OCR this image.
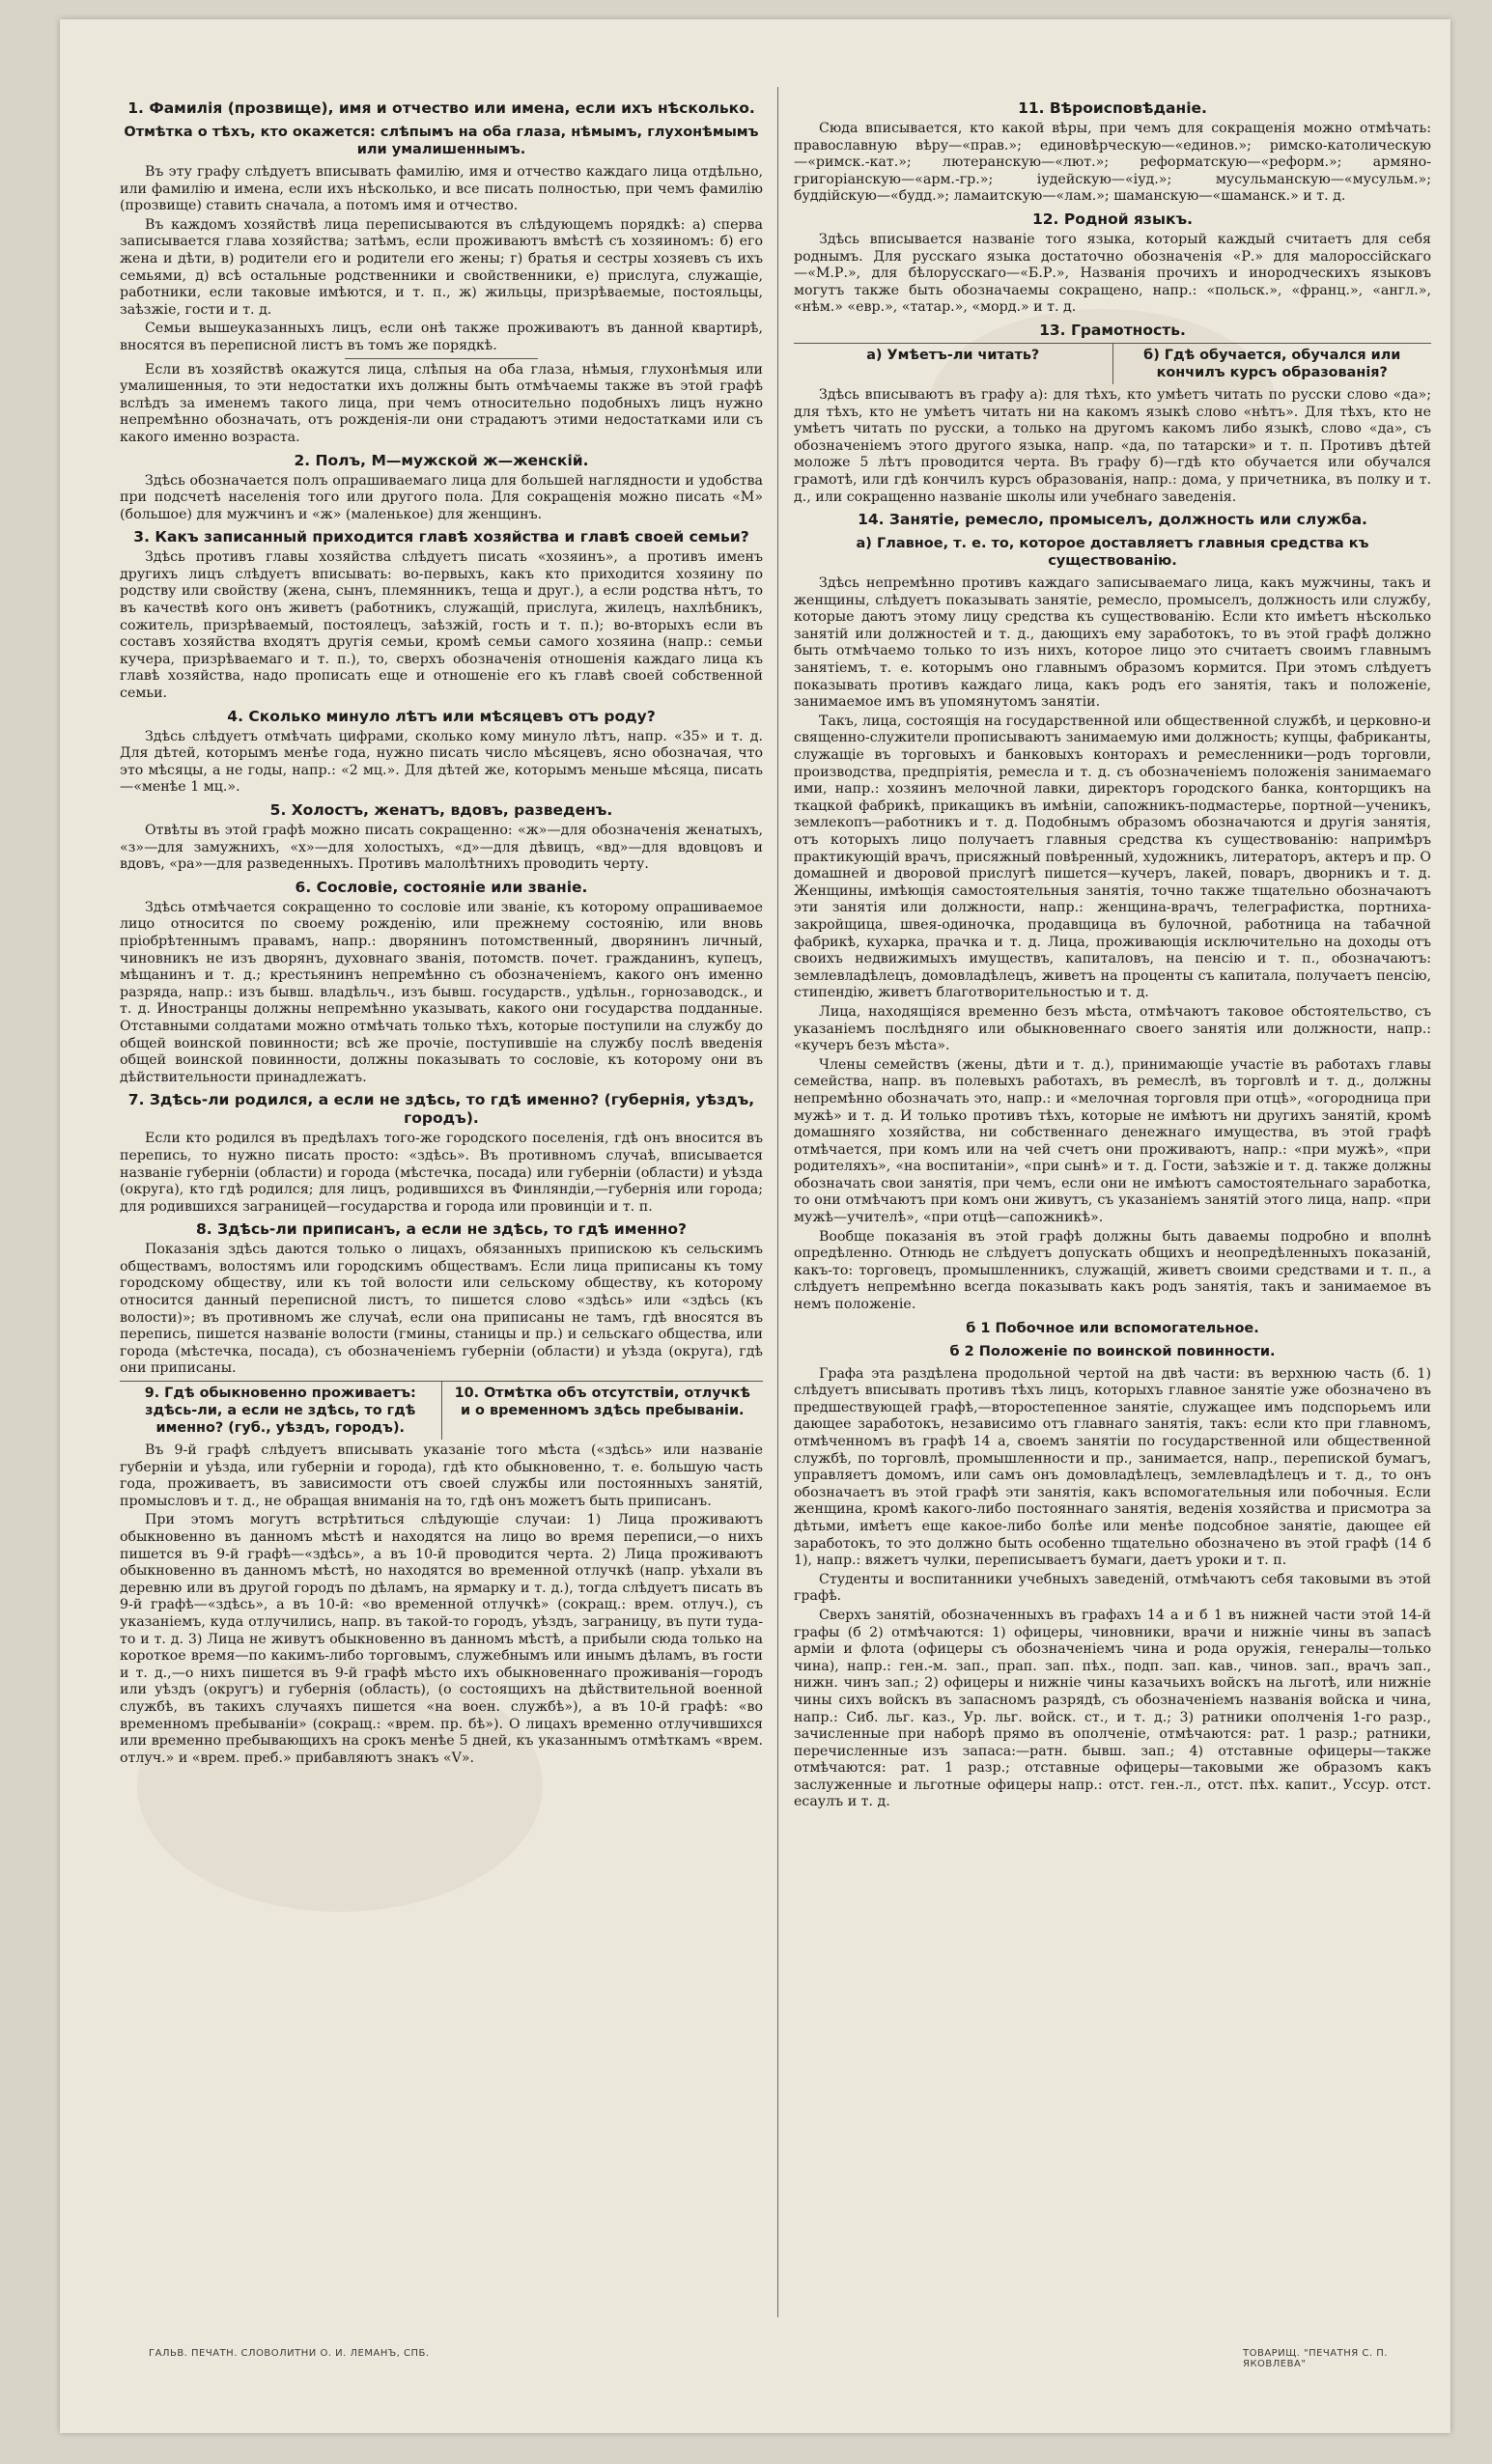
1. Фамилія (прозвище), имя и отчество или имена, если ихъ нѣсколько.
Отмѣтка о тѣхъ, кто окажется: слѣпымъ на оба глаза, нѣмымъ, глухонѣмымъ или умалишеннымъ.

Въ эту графу слѣдуетъ вписывать фамилію, имя и отчество каждаго лица отдѣльно, или фамилію и имена, если ихъ нѣсколько, и все писать полностью, при чемъ фамилію (прозвище) ставить сначала, а потомъ имя и отчество.

Въ каждомъ хозяйствѣ лица переписываются въ слѣдующемъ порядкѣ: а) сперва записывается глава хозяйства; затѣмъ, если проживаютъ вмѣстѣ съ хозяиномъ: б) его жена и дѣти, в) родители его и родители его жены; г) братья и сестры хозяевъ съ ихъ семьями, д) всѣ остальные родственники и свойственники, е) прислуга, служащіе, работники, если таковые имѣются, и т. п., ж) жильцы, призрѣваемые, постояльцы, заѣзжіе, гости и т. д.

Семьи вышеуказанныхъ лицъ, если онѣ также проживаютъ въ данной квартирѣ, вносятся въ переписной листъ въ томъ же порядкѣ.

Если въ хозяйствѣ окажутся лица, слѣпыя на оба глаза, нѣмыя, глухонѣмыя или умалишенныя, то эти недостатки ихъ должны быть отмѣчаемы также въ этой графѣ вслѣдъ за именемъ такого лица, при чемъ относительно подобныхъ лицъ нужно непремѣнно обозначать, отъ рожденія-ли они страдаютъ этими недостатками или съ какого именно возраста.

2. Полъ, М—мужской ж—женскій.

Здѣсь обозначается полъ опрашиваемаго лица для большей наглядности и удобства при подсчетѣ населенія того или другого пола. Для сокращенія можно писать «М» (большое) для мужчинъ и «ж» (маленькое) для женщинъ.

3. Какъ записанный приходится главѣ хозяйства и главѣ своей семьи?

Здѣсь противъ главы хозяйства слѣдуетъ писать «хозяинъ», а противъ именъ другихъ лицъ слѣдуетъ вписывать: во-первыхъ, какъ кто приходится хозяину по родству или свойству (жена, сынъ, племянникъ, теща и друг.), а если родства нѣтъ, то въ качествѣ кого онъ живетъ (работникъ, служащій, прислуга, жилецъ, нахлѣбникъ, сожитель, призрѣваемый, постоялецъ, заѣзжій, гость и т. п.); во-вторыхъ если въ составъ хозяйства входятъ другія семьи, кромѣ семьи самого хозяина (напр.: семьи кучера, призрѣваемаго и т. п.), то, сверхъ обозначенія отношенія каждаго лица къ главѣ хозяйства, надо прописать еще и отношеніе его къ главѣ своей собственной семьи.

4. Сколько минуло лѣтъ или мѣсяцевъ отъ роду?

Здѣсь слѣдуетъ отмѣчать цифрами, сколько кому минуло лѣтъ, напр. «35» и т. д. Для дѣтей, которымъ менѣе года, нужно писать число мѣсяцевъ, ясно обозначая, что это мѣсяцы, а не годы, напр.: «2 мц.». Для дѣтей же, которымъ меньше мѣсяца, писать—«менѣе 1 мц.».

5. Холостъ, женатъ, вдовъ, разведенъ.

Отвѣты въ этой графѣ можно писать сокращенно: «ж»—для обозначенія женатыхъ, «з»—для замужнихъ, «х»—для холостыхъ, «д»—для дѣвицъ, «вд»—для вдовцовъ и вдовъ, «ра»—для разведенныхъ. Противъ малолѣтнихъ проводить черту.

6. Сословіе, состояніе или званіе.

Здѣсь отмѣчается сокращенно то сословіе или званіе, къ которому опрашиваемое лицо относится по своему рожденію, или прежнему состоянію, или вновь пріобрѣтеннымъ правамъ, напр.: дворянинъ потомственный, дворянинъ личный, чиновникъ не изъ дворянъ, духовнаго званія, потомств. почет. гражданинъ, купецъ, мѣщанинъ и т. д.; крестьянинъ непремѣнно съ обозначеніемъ, какого онъ именно разряда, напр.: изъ бывш. владѣльч., изъ бывш. государств., удѣльн., горнозаводск., и т. д. Иностранцы должны непремѣнно указывать, какого они государства подданные. Отставными солдатами можно отмѣчать только тѣхъ, которые поступили на службу до общей воинской повинности; всѣ же прочіе, поступившіе на службу послѣ введенія общей воинской повинности, должны показывать то сословіе, къ которому они въ дѣйствительности принадлежатъ.

7. Здѣсь-ли родился, а если не здѣсь, то гдѣ именно? (губернія, уѣздъ, городъ).

Если кто родился въ предѣлахъ того-же городского поселенія, гдѣ онъ вносится въ перепись, то нужно писать просто: «здѣсь». Въ противномъ случаѣ, вписывается названіе губерніи (области) и города (мѣстечка, посада) или губерніи (области) и уѣзда (округа), кто гдѣ родился; для лицъ, родившихся въ Финляндіи,—губернія или города; для родившихся заграницей—государства и города или провинціи и т. п.

8. Здѣсь-ли приписанъ, а если не здѣсь, то гдѣ именно?

Показанія здѣсь даются только о лицахъ, обязанныхъ припискою къ сельскимъ обществамъ, волостямъ или городскимъ обществамъ. Если лица приписаны къ тому городскому обществу, или къ той волости или сельскому обществу, къ которому относится данный переписной листъ, то пишется слово «здѣсь» или «здѣсь (къ волости)»; въ противномъ же случаѣ, если она приписаны не тамъ, гдѣ вносятся въ перепись, пишется названіе волости (гмины, станицы и пр.) и сельскаго общества, или города (мѣстечка, посада), съ обозначеніемъ губерніи (области) и уѣзда (округа), гдѣ они приписаны.

9. Гдѣ обыкновенно проживаетъ: здѣсь-ли, а если не здѣсь, то гдѣ именно? (губ., уѣздъ, городъ).
10. Отмѣтка объ отсутствіи, отлучкѣ и о временномъ здѣсь пребываніи.

Въ 9-й графѣ слѣдуетъ вписывать указаніе того мѣста («здѣсь» или названіе губерніи и уѣзда, или губерніи и города), гдѣ кто обыкновенно, т. е. большую часть года, проживаетъ, въ зависимости отъ своей службы или постоянныхъ занятій, промысловъ и т. д., не обращая вниманія на то, гдѣ онъ можетъ быть приписанъ.

При этомъ могутъ встрѣтиться слѣдующіе случаи: 1) Лица проживаютъ обыкновенно въ данномъ мѣстѣ и находятся на лицо во время переписи,—о нихъ пишется въ 9-й графѣ—«здѣсь», а въ 10-й проводится черта. 2) Лица проживаютъ обыкновенно въ данномъ мѣстѣ, но находятся во временной отлучкѣ (напр. уѣхали въ деревню или въ другой городъ по дѣламъ, на ярмарку и т. д.), тогда слѣдуетъ писать въ 9-й графѣ—«здѣсь», а въ 10-й: «во временной отлучкѣ» (сокращ.: врем. отлуч.), съ указаніемъ, куда отлучились, напр. въ такой-то городъ, уѣздъ, заграницу, въ пути туда-то и т. д. 3) Лица не живутъ обыкновенно въ данномъ мѣстѣ, а прибыли сюда только на короткое время—по какимъ-либо торговымъ, служебнымъ или инымъ дѣламъ, въ гости и т. д.,—о нихъ пишется въ 9-й графѣ мѣсто ихъ обыкновеннаго проживанія—городъ или уѣздъ (округъ) и губернія (область), (о состоящихъ на дѣйствительной военной службѣ, въ такихъ случаяхъ пишется «на воен. службѣ»), а въ 10-й графѣ: «во временномъ пребываніи» (сокращ.: «врем. пр. бѣ»). О лицахъ временно отлучившихся или временно пребывающихъ на срокъ менѣе 5 дней, къ указаннымъ отмѣткамъ «врем. отлуч.» и «врем. преб.» прибавляютъ знакъ «V».

11. Вѣроисповѣданіе.

Сюда вписывается, кто какой вѣры, при чемъ для сокращенія можно отмѣчать: православную вѣру—«прав.»; единовѣрческую—«единов.»; римско-католическую—«римск.-кат.»; лютеранскую—«лют.»; реформатскую—«реформ.»; армяно-григоріанскую—«арм.-гр.»; іудейскую—«іуд.»; мусульманскую—«мусульм.»; буддійскую—«будд.»; ламаитскую—«лам.»; шаманскую—«шаманск.» и т. д.

12. Родной языкъ.

Здѣсь вписывается названіе того языка, который каждый считаетъ для себя роднымъ. Для русскаго языка достаточно обозначенія «Р.» для малороссійскаго—«М.Р.», для бѣлорусскаго—«Б.Р.», Названія прочихъ и инородческихъ языковъ могутъ также быть обозначаемы сокращено, напр.: «польск.», «франц.», «англ.», «нѣм.» «евр.», «татар.», «морд.» и т. д.

13. Грамотность.
а) Умѣетъ-ли читать?	б) Гдѣ обучается, обучался или кончилъ курсъ образованія?

Здѣсь вписываютъ въ графу а): для тѣхъ, кто умѣетъ читать по русски слово «да»; для тѣхъ, кто не умѣетъ читать ни на какомъ языкѣ слово «нѣтъ». Для тѣхъ, кто не умѣетъ читать по русски, а только на другомъ какомъ либо языкѣ, слово «да», съ обозначеніемъ этого другого языка, напр. «да, по татарски» и т. п. Противъ дѣтей моложе 5 лѣтъ проводится черта. Въ графу б)—гдѣ кто обучается или обучался грамотѣ, или гдѣ кончилъ курсъ образованія, напр.: дома, у причетника, въ полку и т. д., или сокращенно названіе школы или учебнаго заведенія.

14. Занятіе, ремесло, промыселъ, должность или служба.
а) Главное, т. е. то, которое доставляетъ главныя средства къ существованію.

Здѣсь непремѣнно противъ каждаго записываемаго лица, какъ мужчины, такъ и женщины, слѣдуетъ показывать занятіе, ремесло, промыселъ, должность или службу, которые даютъ этому лицу средства къ существованію. Если кто имѣетъ нѣсколько занятій или должностей и т. д., дающихъ ему заработокъ, то въ этой графѣ должно быть отмѣчаемо только то изъ нихъ, которое лицо это считаетъ своимъ главнымъ занятіемъ, т. е. которымъ оно главнымъ образомъ кормится. При этомъ слѣдуетъ показывать противъ каждаго лица, какъ родъ его занятія, такъ и положеніе, занимаемое имъ въ упомянутомъ занятіи.

Такъ, лица, состоящія на государственной или общественной службѣ, и церковно-и священно-служители прописываютъ занимаемую ими должность; купцы, фабриканты, служащіе въ торговыхъ и банковыхъ конторахъ и ремесленники—родъ торговли, производства, предпріятія, ремесла и т. д. съ обозначеніемъ положенія занимаемаго ими, напр.: хозяинъ мелочной лавки, директоръ городского банка, конторщикъ на ткацкой фабрикѣ, прикащикъ въ имѣніи, сапожникъ-подмастерье, портной—ученикъ, землекопъ—работникъ и т. д. Подобнымъ образомъ обозначаются и другія занятія, отъ которыхъ лицо получаетъ главныя средства къ существованію: напримѣръ практикующій врачъ, присяжный повѣренный, художникъ, литераторъ, актеръ и пр. О домашней и дворовой прислугѣ пишется—кучеръ, лакей, поваръ, дворникъ и т. д. Женщины, имѣющія самостоятельныя занятія, точно также тщательно обозначаютъ эти занятія или должности, напр.: женщина-врачъ, телеграфистка, портниха-закройщица, швея-одиночка, продавщица въ булочной, работница на табачной фабрикѣ, кухарка, прачка и т. д. Лица, проживающія исключительно на доходы отъ своихъ недвижимыхъ имуществъ, капиталовъ, на пенсію и т. п., обозначаютъ: землевладѣлецъ, домовладѣлецъ, живетъ на проценты съ капитала, получаетъ пенсію, стипендію, живетъ благотворительностью и т. д.

Лица, находящіяся временно безъ мѣста, отмѣчаютъ таковое обстоятельство, съ указаніемъ послѣдняго или обыкновеннаго своего занятія или должности, напр.: «кучеръ безъ мѣста».

Члены семействъ (жены, дѣти и т. д.), принимающіе участіе въ работахъ главы семейства, напр. въ полевыхъ работахъ, въ ремеслѣ, въ торговлѣ и т. д., должны непремѣнно обозначать это, напр.: и «мелочная торговля при отцѣ», «огородница при мужѣ» и т. д. И только противъ тѣхъ, которые не имѣютъ ни другихъ занятій, кромѣ домашняго хозяйства, ни собственнаго денежнаго имущества, въ этой графѣ отмѣчается, при комъ или на чей счетъ они проживаютъ, напр.: «при мужѣ», «при родителяхъ», «на воспитаніи», «при сынѣ» и т. д. Гости, заѣзжіе и т. д. также должны обозначать свои занятія, при чемъ, если они не имѣютъ самостоятельнаго заработка, то они отмѣчаютъ при комъ они живутъ, съ указаніемъ занятій этого лица, напр. «при мужѣ—учителѣ», «при отцѣ—сапожникѣ».

Вообще показанія въ этой графѣ должны быть даваемы подробно и вполнѣ опредѣленно. Отнюдь не слѣдуетъ допускать общихъ и неопредѣленныхъ показаній, какъ-то: торговецъ, промышленникъ, служащій, живетъ своими средствами и т. п., а слѣдуетъ непремѣнно всегда показывать какъ родъ занятія, такъ и занимаемое въ немъ положеніе.

б 1 Побочное или вспомогательное.
б 2 Положеніе по воинской повинности.

Графа эта раздѣлена продольной чертой на двѣ части: въ верхнюю часть (б. 1) слѣдуетъ вписывать противъ тѣхъ лицъ, которыхъ главное занятіе уже обозначено въ предшествующей графѣ,—второстепенное занятіе, служащее имъ подспорьемъ или дающее заработокъ, независимо отъ главнаго занятія, такъ: если кто при главномъ, отмѣченномъ въ графѣ 14 а, своемъ занятіи по государственной или общественной службѣ, по торговлѣ, промышленности и пр., занимается, напр., перепиской бумагъ, управляетъ домомъ, или самъ онъ домовладѣлецъ, землевладѣлецъ и т. д., то онъ обозначаетъ въ этой графѣ эти занятія, какъ вспомогательныя или побочныя. Если женщина, кромѣ какого-либо постояннаго занятія, веденія хозяйства и присмотра за дѣтьми, имѣетъ еще какое-либо болѣе или менѣе подсобное занятіе, дающее ей заработокъ, то это должно быть особенно тщательно обозначено въ этой графѣ (14 б 1), напр.: вяжетъ чулки, переписываетъ бумаги, даетъ уроки и т. п.

Студенты и воспитанники учебныхъ заведеній, отмѣчаютъ себя таковыми въ этой графѣ.

Сверхъ занятій, обозначенныхъ въ графахъ 14 а и б 1 въ нижней части этой 14-й графы (б 2) отмѣчаются: 1) офицеры, чиновники, врачи и нижніе чины въ запасѣ арміи и флота (офицеры съ обозначеніемъ чина и рода оружія, генералы—только чина), напр.: ген.-м. зап., прап. зап. пѣх., подп. зап. кав., чинов. зап., врачъ зап., нижн. чинъ зап.; 2) офицеры и нижніе чины казачьихъ войскъ на льготѣ, или нижніе чины сихъ войскъ въ запасномъ разрядѣ, съ обозначеніемъ названія войска и чина, напр.: Сиб. льг. каз., Ур. льг. войск. ст., и т. д.; 3) ратники ополченія 1-го разр., зачисленные при наборѣ прямо въ ополченіе, отмѣчаются: рат. 1 разр.; ратники, перечисленные изъ запаса:—ратн. бывш. зап.; 4) отставные офицеры—также отмѣчаются: рат. 1 разр.; отставные офицеры—таковыми же образомъ какъ заслуженные и льготные офицеры напр.: отст. ген.-л., отст. пѣх. капит., Уссур. отст. есаулъ и т. д.

ГАЛЬВ. ПЕЧАТН. СЛОВОЛИТНИ О. И. ЛЕМАНЪ, СПБ.	ТОВАРИЩ. "ПЕЧАТНЯ С. П. ЯКОВЛЕВА"
